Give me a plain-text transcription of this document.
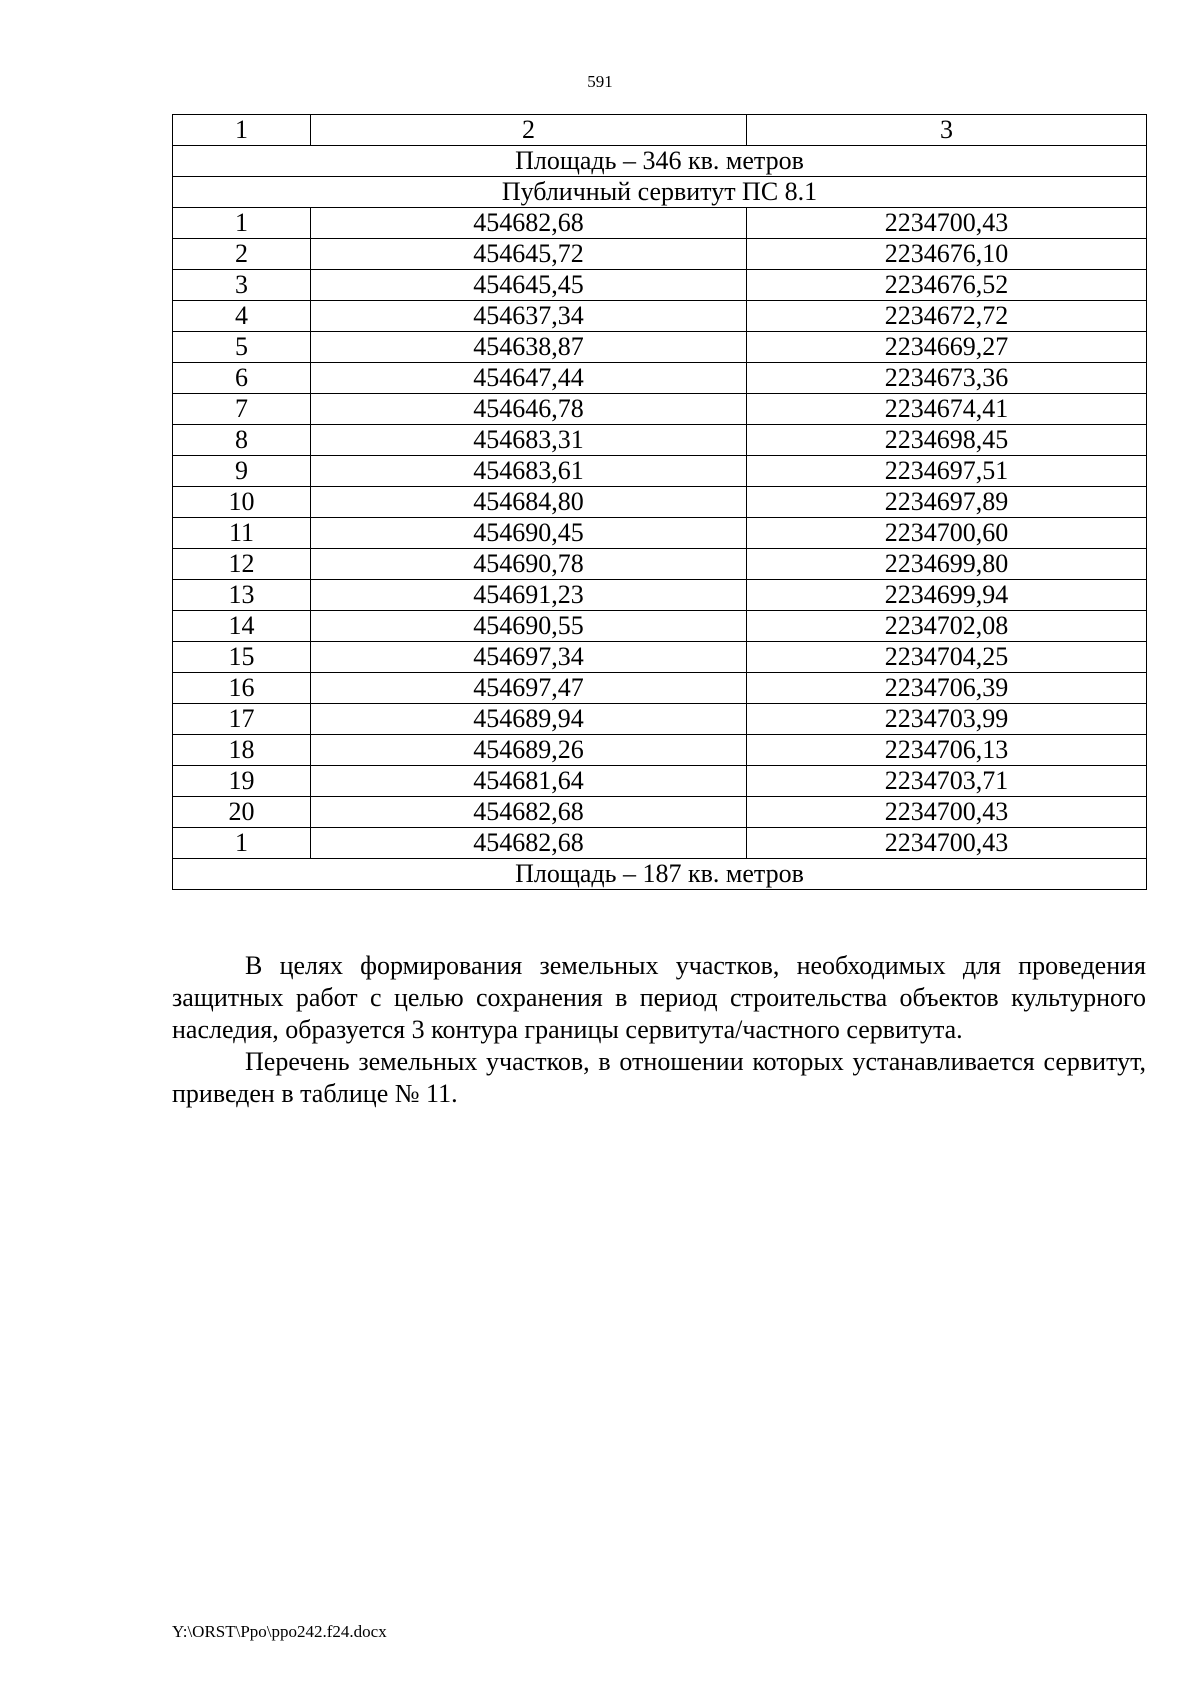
591
1	2	3
Площадь – 346 кв. метров		
Публичный сервитут ПС 8.1		
1	454682,68	2234700,43
2	454645,72	2234676,10
3	454645,45	2234676,52
4	454637,34	2234672,72
5	454638,87	2234669,27
6	454647,44	2234673,36
7	454646,78	2234674,41
8	454683,31	2234698,45
9	454683,61	2234697,51
10	454684,80	2234697,89
11	454690,45	2234700,60
12	454690,78	2234699,80
13	454691,23	2234699,94
14	454690,55	2234702,08
15	454697,34	2234704,25
16	454697,47	2234706,39
17	454689,94	2234703,99
18	454689,26	2234706,13
19	454681,64	2234703,71
20	454682,68	2234700,43
1	454682,68	2234700,43
Площадь – 187 кв. метров		

В целях формирования земельных участков, необходимых для проведения защитных работ с целью сохранения в период строительства объектов культурного наследия, образуется 3 контура границы сервитута/частного сервитута.

Перечень земельных участков, в отношении которых устанавливается сервитут, приведен в таблице № 11.

Y:\ORST\Ppo\ppo242.f24.docx
